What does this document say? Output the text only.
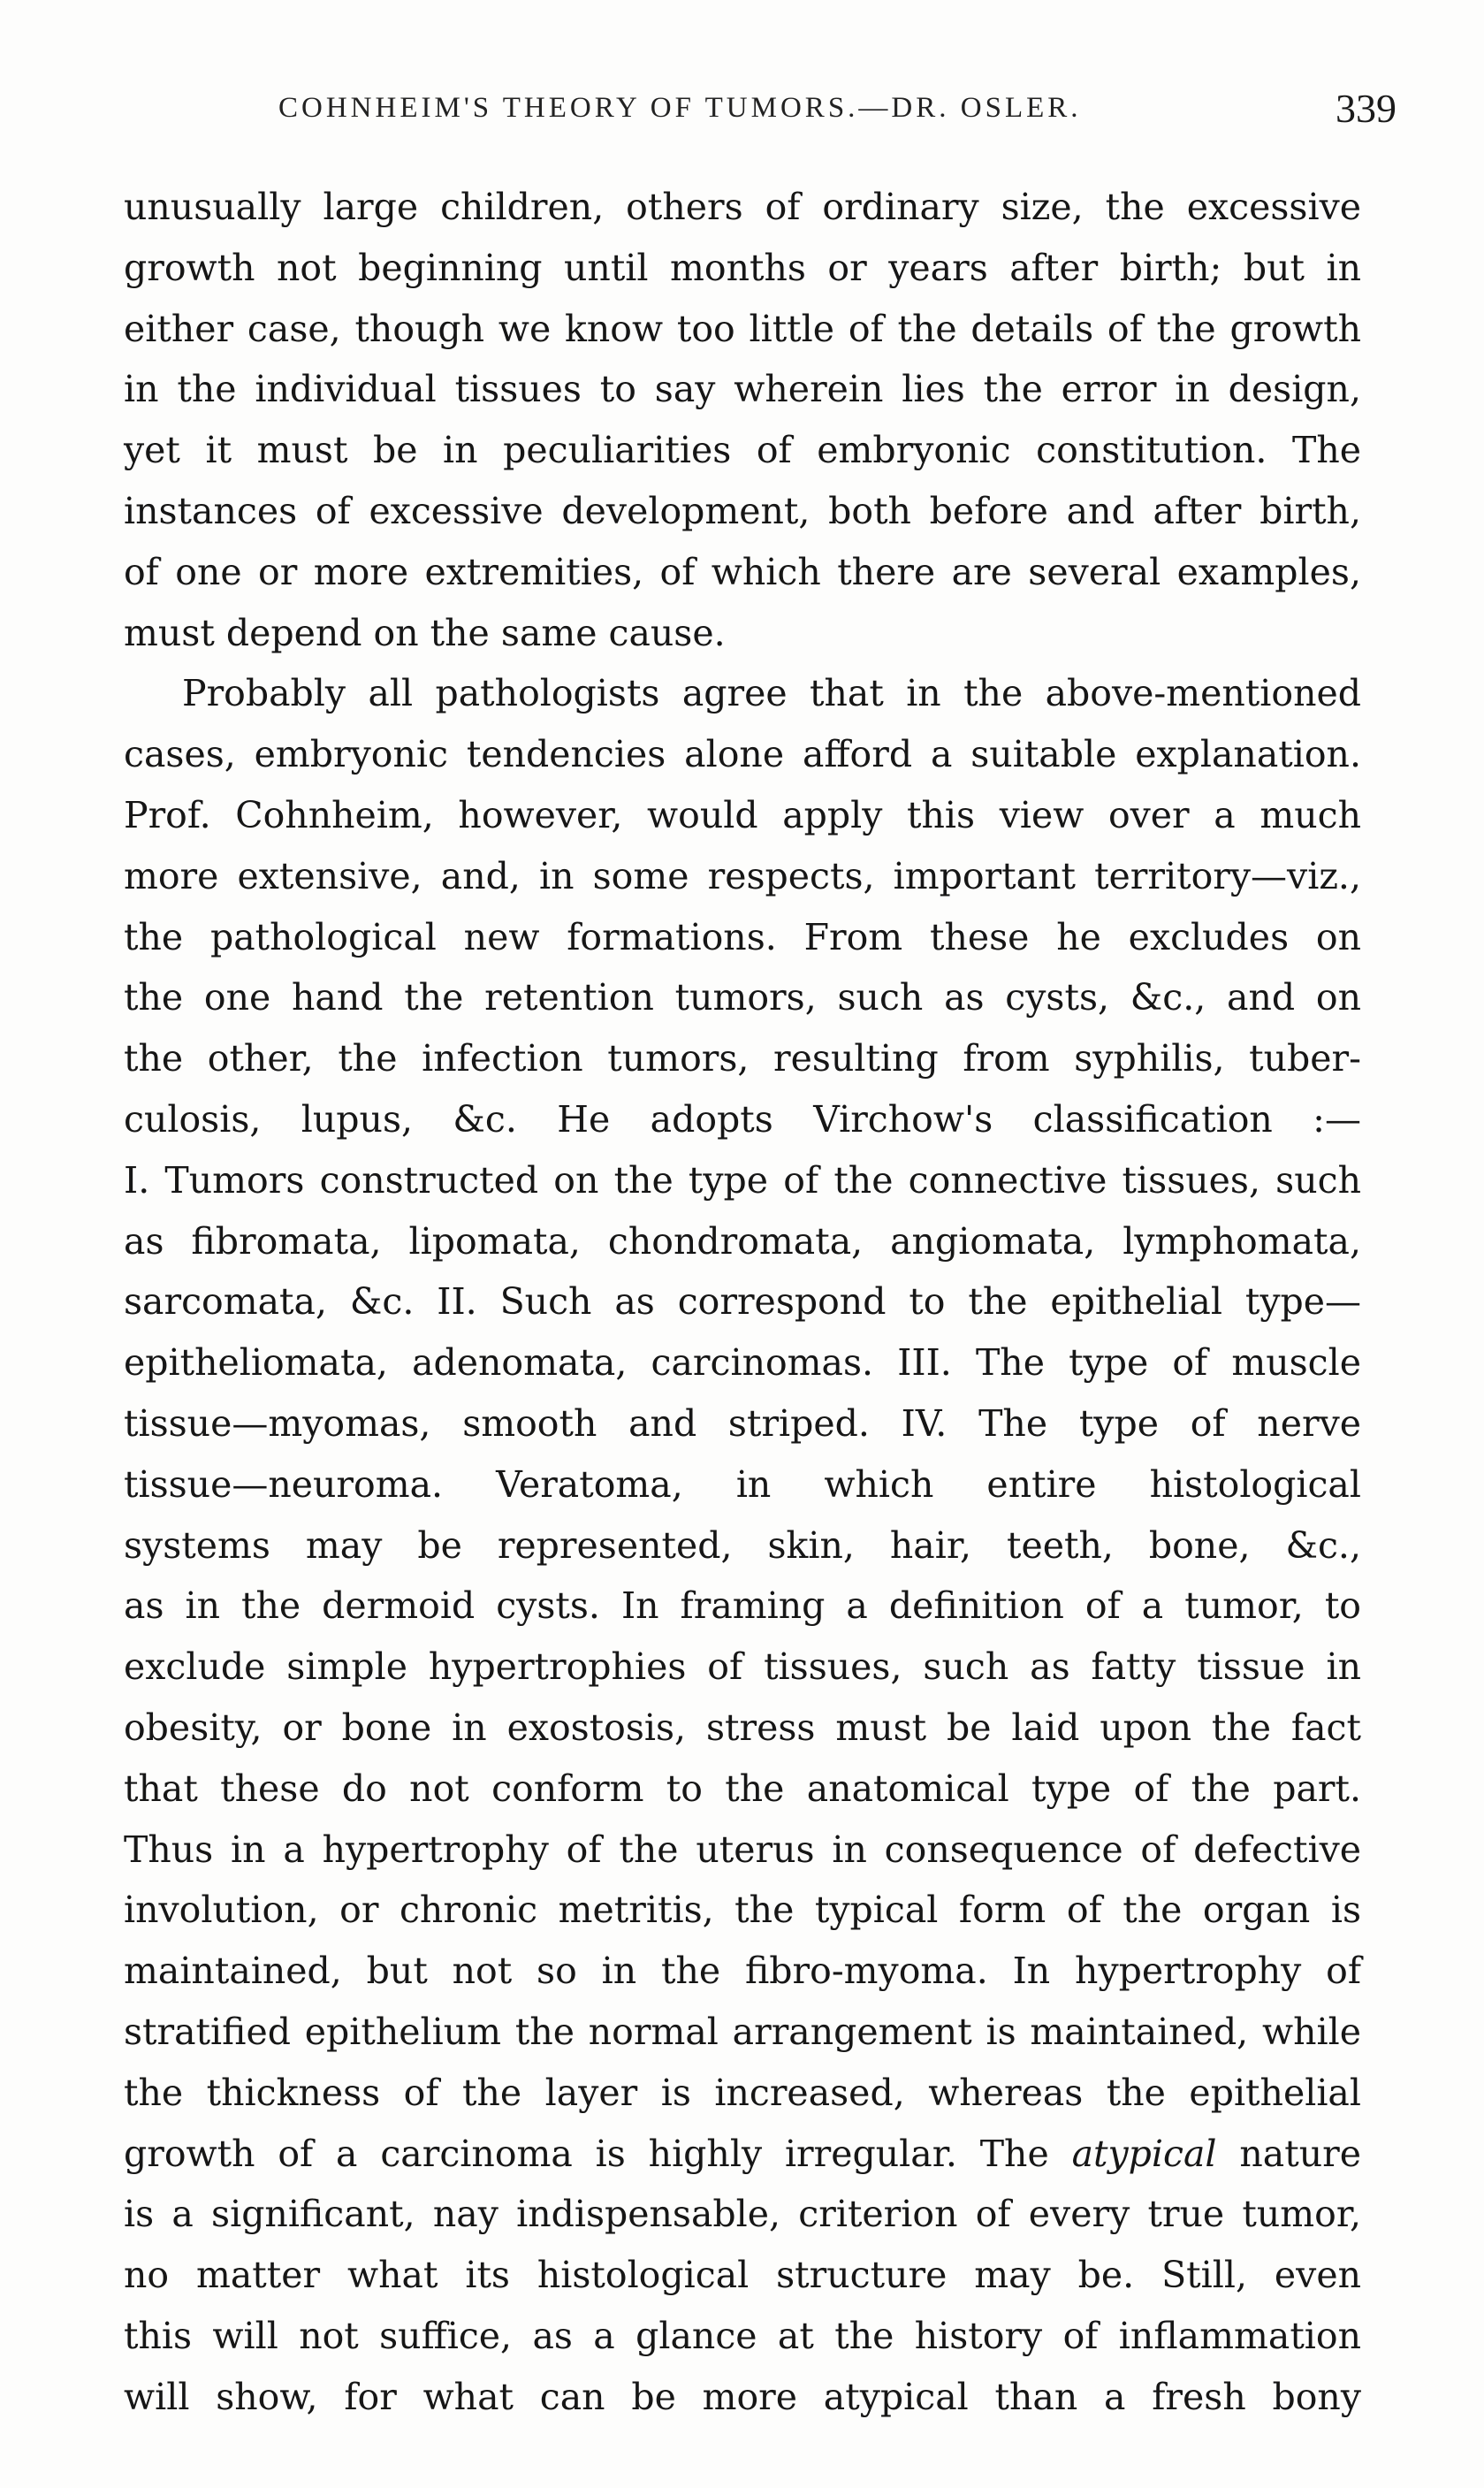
COHNHEIM'S THEORY OF TUMORS.—DR. OSLER.	339
unusually large children, others of ordinary size, the excessive
growth not beginning until months or years after birth; but in
either case, though we know too little of the details of the growth
in the individual tissues to say wherein lies the error in design,
yet it must be in peculiarities of embryonic constitution. The
instances of excessive development, both before and after birth,
of one or more extremities, of which there are several examples,
must depend on the same cause.
Probably all pathologists agree that in the above-mentioned
cases, embryonic tendencies alone afford a suitable explanation.
Prof. Cohnheim, however, would apply this view over a much
more extensive, and, in some respects, important territory—viz.,
the pathological new formations. From these he excludes on
the one hand the retention tumors, such as cysts, &c., and on
the other, the infection tumors, resulting from syphilis, tuber-
culosis, lupus, &c. He adopts Virchow's classification :—
I. Tumors constructed on the type of the connective tissues, such
as fibromata, lipomata, chondromata, angiomata, lymphomata,
sarcomata, &c. II. Such as correspond to the epithelial type—
epitheliomata, adenomata, carcinomas. III. The type of muscle
tissue—myomas, smooth and striped. IV. The type of nerve
tissue—neuroma. Veratoma, in which entire histological
systems may be represented, skin, hair, teeth, bone, &c.,
as in the dermoid cysts. In framing a definition of a tumor, to
exclude simple hypertrophies of tissues, such as fatty tissue in
obesity, or bone in exostosis, stress must be laid upon the fact
that these do not conform to the anatomical type of the part.
Thus in a hypertrophy of the uterus in consequence of defective
involution, or chronic metritis, the typical form of the organ is
maintained, but not so in the fibro-myoma. In hypertrophy of
stratified epithelium the normal arrangement is maintained, while
the thickness of the layer is increased, whereas the epithelial
growth of a carcinoma is highly irregular. The atypical nature
is a significant, nay indispensable, criterion of every true tumor,
no matter what its histological structure may be. Still, even
this will not suffice, as a glance at the history of inflammation
will show, for what can be more atypical than a fresh bony
